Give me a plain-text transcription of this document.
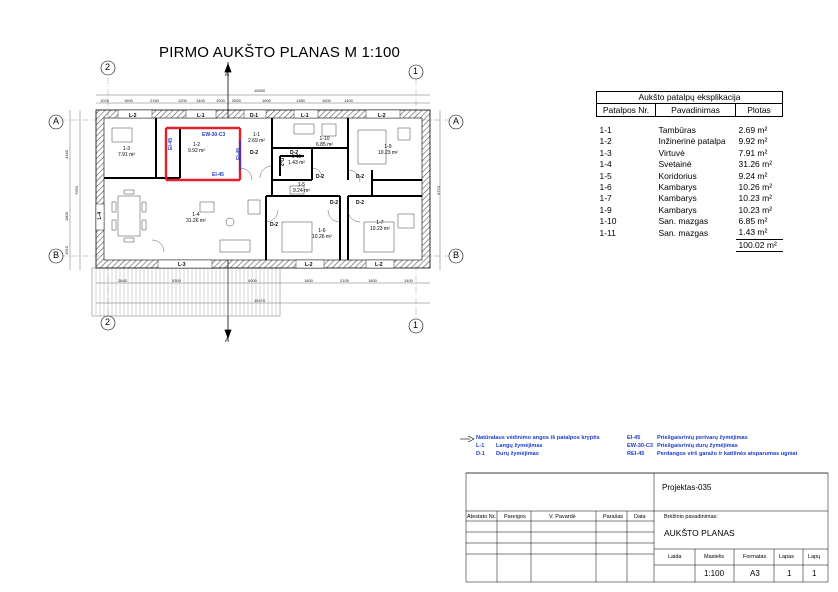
PIRMO AUKŠTO PLANAS M 1:100
2	1
2	1
A	A
B	B
A
A
16550
1025	1600	2150	1200 1400	1000 2500	1600	1380	1600	1400
15470
2845	5300	4000	1600	2105	1600	1400
4440
1800
1610
7650	6770
1-3
7.91 m²
1-2
9.92 m²
1-1
2.69 m²	1-10
6.85 m²	1-9
10.23 m²
1-11
1.43 m²
1-5
9.24 m²
1-4
31.26 m²
1-6
10.26 m²
1-7
10.23 m²
L-2	L-1	D-1	L-1	L-2
L-4
L-3	L-2	L-2
D-2	D-2
D-2	D-2
D-2	D-2
D-2
D-2
EI-45
EI-45
EI-45
EW-30-C3
Aukšto patalpų eksplikacija		
Patalpos Nr.	Pavadinimas	Plotas

1-1	Tambūras	2.69 m²
1-2	Inžinerinė patalpa	9.92 m²
1-3	Virtuvė	7.91 m²
1-4	Svetainė	31.26 m²
1-5	Koridorius	9.24 m²
1-6	Kambarys	10.26 m²
1-7	Kambarys	10.23 m²
1-9	Kambarys	10.23 m²
1-10	San. mazgas	6.85 m²
1-11	San. mazgas	1.43 m²
		100.02 m²
Natūralaus vėdinimo angos iš patalpos kryptis
L-1 Langų žymėjimas
D-1 Durų žymėjimas
EI-45	Priešgaisrinių pertvarų žymėjimas
EW-30-C3 Priešgaisrinių durų žymėjimas
REI-45 Perdangos virš garažo ir katilinės atsparumas ugniai
Projektas-035
Atestato Nr. Pareigos	V. Pavardė	Parašas Data	Brėžinio pavadinimas:
AUKŠTO PLANAS
Laida	Mastelis	Formatas Lapas	Lapų
1:100	A3	1	1
